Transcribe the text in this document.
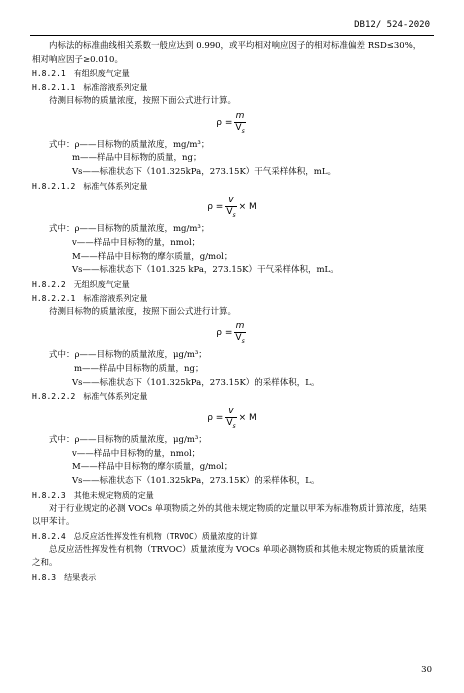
DB12/ 524-2020

内标法的标准曲线相关系数一般应达到 0.990，或平均相对响应因子的相对标准偏差 RSD≤30%，

相对响应因子≥0.010。

H.8.2.1　有组织废气定量

H.8.2.1.1　标准溶液系列定量

待测目标物的质量浓度，按照下面公式进行计算。

$\rho = \frac{m}{V_s}$

式中：ρ——目标物的质量浓度，mg/m³；

m——样品中目标物的质量，ng；

Vs——标准状态下（101.325kPa，273.15K）干气采样体积，mL。

H.8.2.1.2　标准气体系列定量

$\rho = \frac{v}{V_s} \times M$

式中：ρ——目标物的质量浓度，mg/m³；

v——样品中目标物的量，nmol；

M——样品中目标物的摩尔质量，g/mol；

Vs——标准状态下（101.325 kPa，273.15K）干气采样体积，mL。

H.8.2.2　无组织废气定量

H.8.2.2.1　标准溶液系列定量

待测目标物的质量浓度，按照下面公式进行计算。

$\rho = \frac{m}{V_s}$

式中：ρ——目标物的质量浓度，μg/m³；

m——样品中目标物的质量，ng；

Vs——标准状态下（101.325kPa，273.15K）的采样体积，L。

H.8.2.2.2　标准气体系列定量

$\rho = \frac{v}{V_s} \times M$

式中：ρ——目标物的质量浓度，μg/m³；

v——样品中目标物的量，nmol；

M——样品中目标物的摩尔质量，g/mol；

Vs——标准状态下（101.325kPa，273.15K）的采样体积，L。

H.8.2.3　其他未规定物质的定量

对于行业规定的必测 VOCs 单项物质之外的其他未规定物质的定量以甲苯为标准物质计算浓度，结果以甲苯计。

H.8.2.4　总反应活性挥发性有机物（TRVOC）质量浓度的计算

总反应活性挥发性有机物（TRVOC）质量浓度为 VOCs 单项必测物质和其他未规定物质的质量浓度之和。

H.8.3　结果表示

30
